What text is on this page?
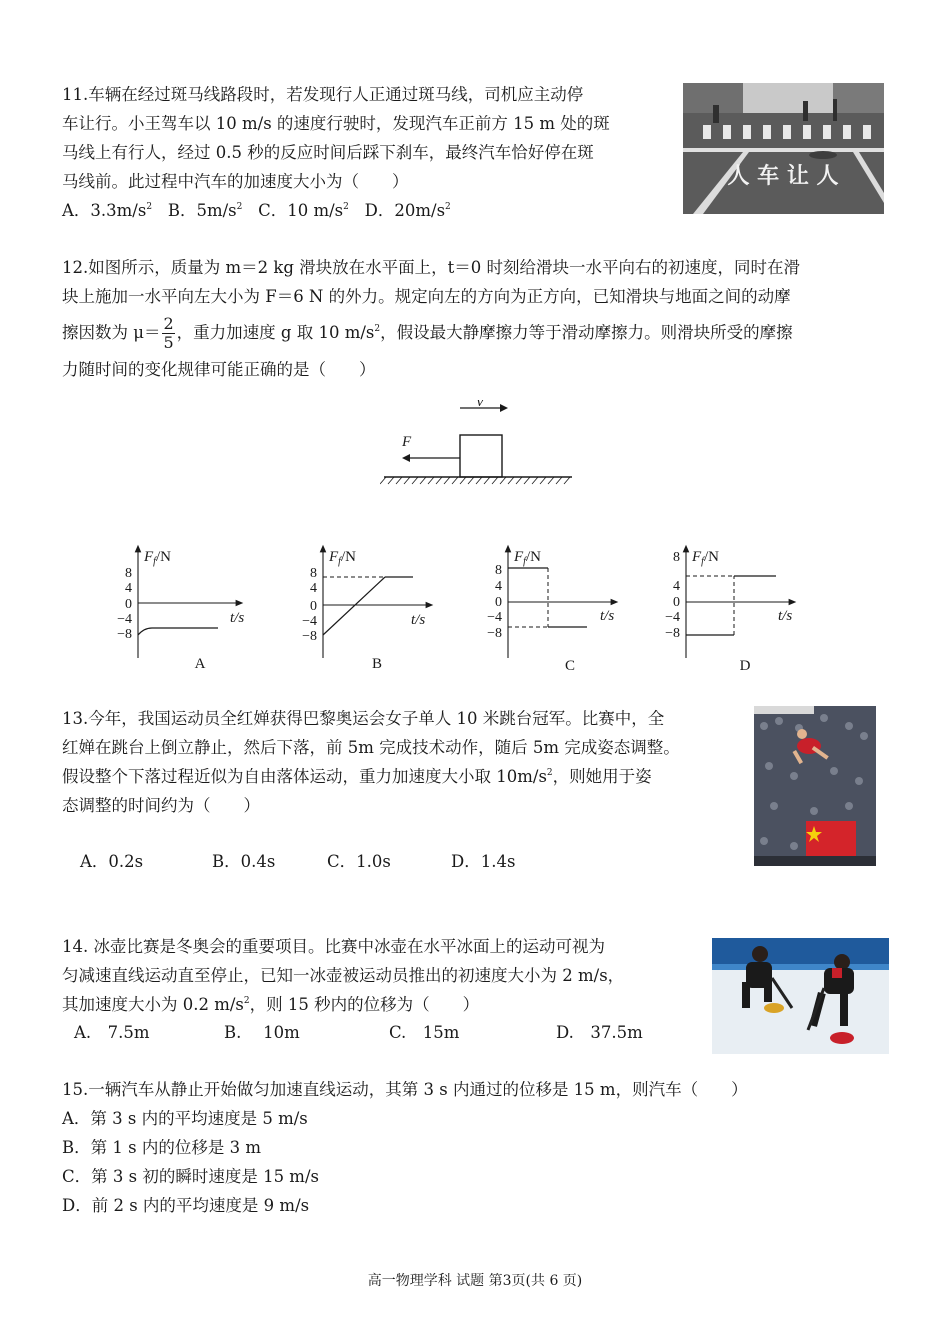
11.车辆在经过斑马线路段时，若发现行人正通过斑马线，司机应主动停

车让行。小王驾车以 10 m/s 的速度行驶时，发现汽车正前方 15 m 处的斑

马线上有行人，经过 0.5 秒的反应时间后踩下刹车，最终汽车恰好停在斑

马线前。此过程中汽车的加速度大小为（　　）

A．$3.3m/s^2$ B．$5m/s^2$ C．10 $m/s^2$ D．$20m/s^2$

人 车 让 人

12.如图所示，质量为 m＝2 kg 滑块放在水平面上，t＝0 时刻给滑块一水平向右的初速度，同时在滑

块上施加一水平向左大小为 F＝6 N 的外力。规定向左的方向为正方向，已知滑块与地面之间的动摩

擦因数为 $\mu= \frac{2}{5}$ ，重力加速度 g 取 10 $m/s^2$，假设最大静摩擦力等于滑动摩擦力。则滑块所受的摩擦

力随时间的变化规律可能正确的是（　　）

v
F
$F_f/N$
8
4
0
−4
−8
t/s
A
$F_f/N$
8
4
0
−4
−8
t/s
B
$F_f/N$
8
4
0
−4
−8
t/s
C
$F_f/N$
8
4
0
−4
−8
t/s
D

13.今年，我国运动员全红婵获得巴黎奥运会女子单人 10 米跳台冠军。比赛中，全

红婵在跳台上倒立静止，然后下落，前 5m 完成技术动作，随后 5m 完成姿态调整。

假设整个下落过程近似为自由落体运动，重力加速度大小取 $10m/s^2$，则她用于姿

态调整的时间约为（　　）

A．0.2s	B．0.4s	C．1.0s	D．1.4s

14. 冰壶比赛是冬奥会的重要项目。比赛中冰壶在水平冰面上的运动可视为

匀减速直线运动直至停止，已知一冰壶被运动员推出的初速度大小为 2 m/s，

其加速度大小为 0.2 $m/s^2$，则 15 秒内的位移为（　　）

A.　7.5m	B.　 10m	C.　15m	D.　37.5m

15.一辆汽车从静止开始做匀加速直线运动，其第 3 s 内通过的位移是 15 m，则汽车（　　）

A．第 3 s 内的平均速度是 5 m/s

B．第 1 s 内的位移是 3 m

C．第 3 s 初的瞬时速度是 15 m/s

D．前 2 s 内的平均速度是 9 m/s

高一物理学科 试题 第3页(共 6 页)
